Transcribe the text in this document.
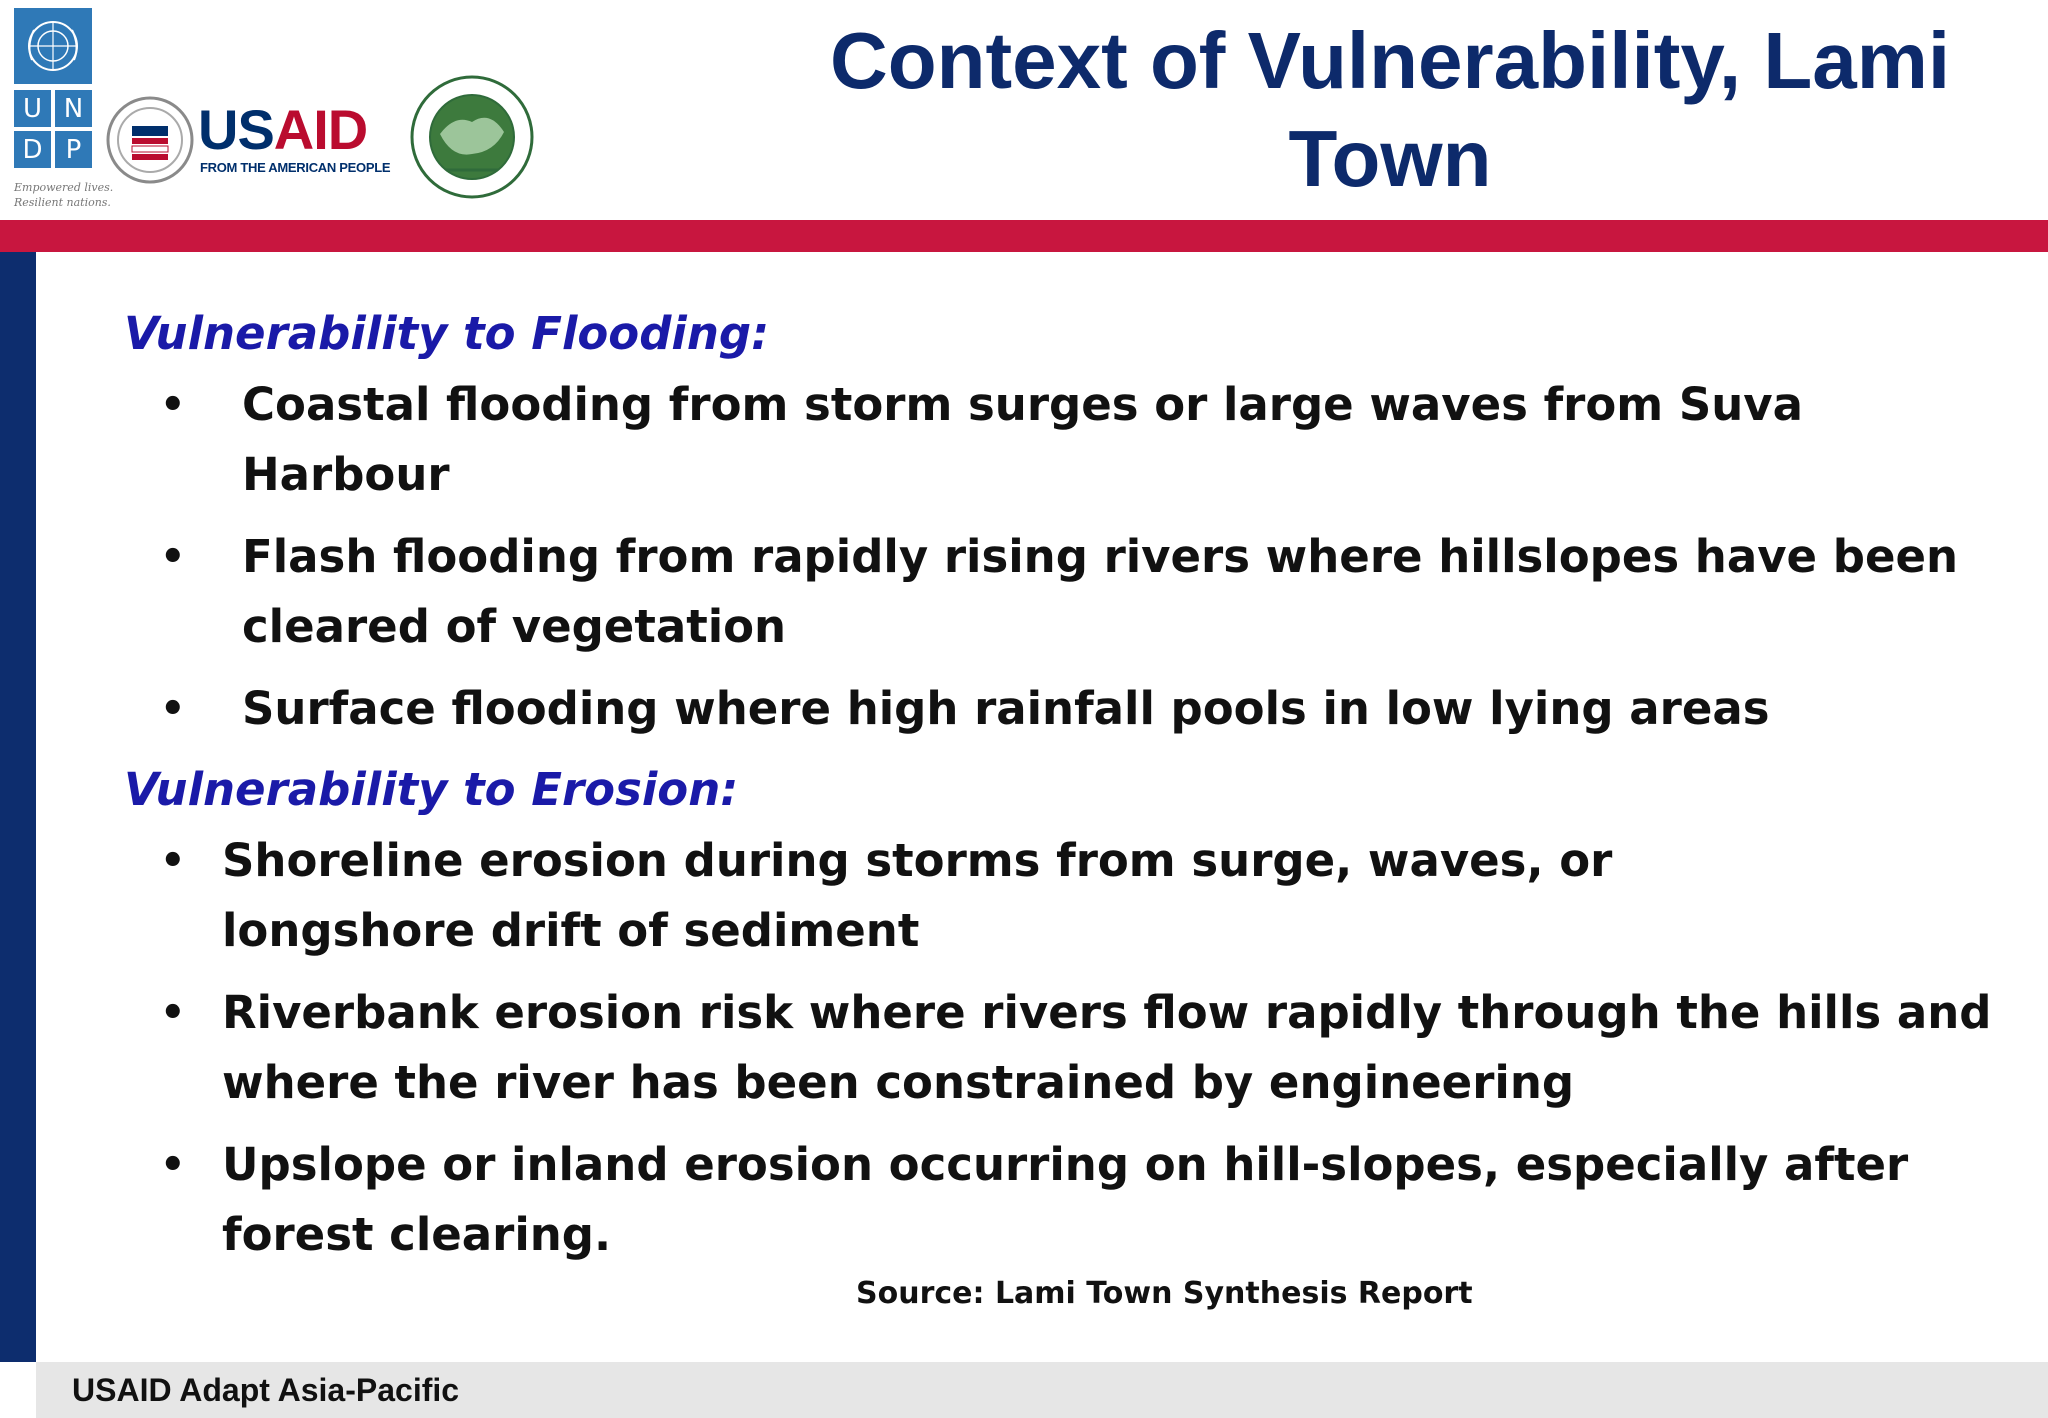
U N
D P
Empowered lives. Resilient nations.
USAID
FROM THE AMERICAN PEOPLE
Context of Vulnerability, Lami Town
Vulnerability to Flooding:
• Coastal flooding from storm surges or large waves from Suva
Harbour
• Flash flooding from rapidly rising rivers where hillslopes have been
cleared of vegetation
• Surface flooding where high rainfall pools in low lying areas
Vulnerability to Erosion:
• Shoreline erosion during storms from surge, waves, or
longshore drift of sediment
• Riverbank erosion risk where rivers flow rapidly through the hills and
where the river has been constrained by engineering
• Upslope or inland erosion occurring on hill-slopes, especially after
forest clearing.
Source: Lami Town Synthesis Report
USAID Adapt Asia-Pacific
